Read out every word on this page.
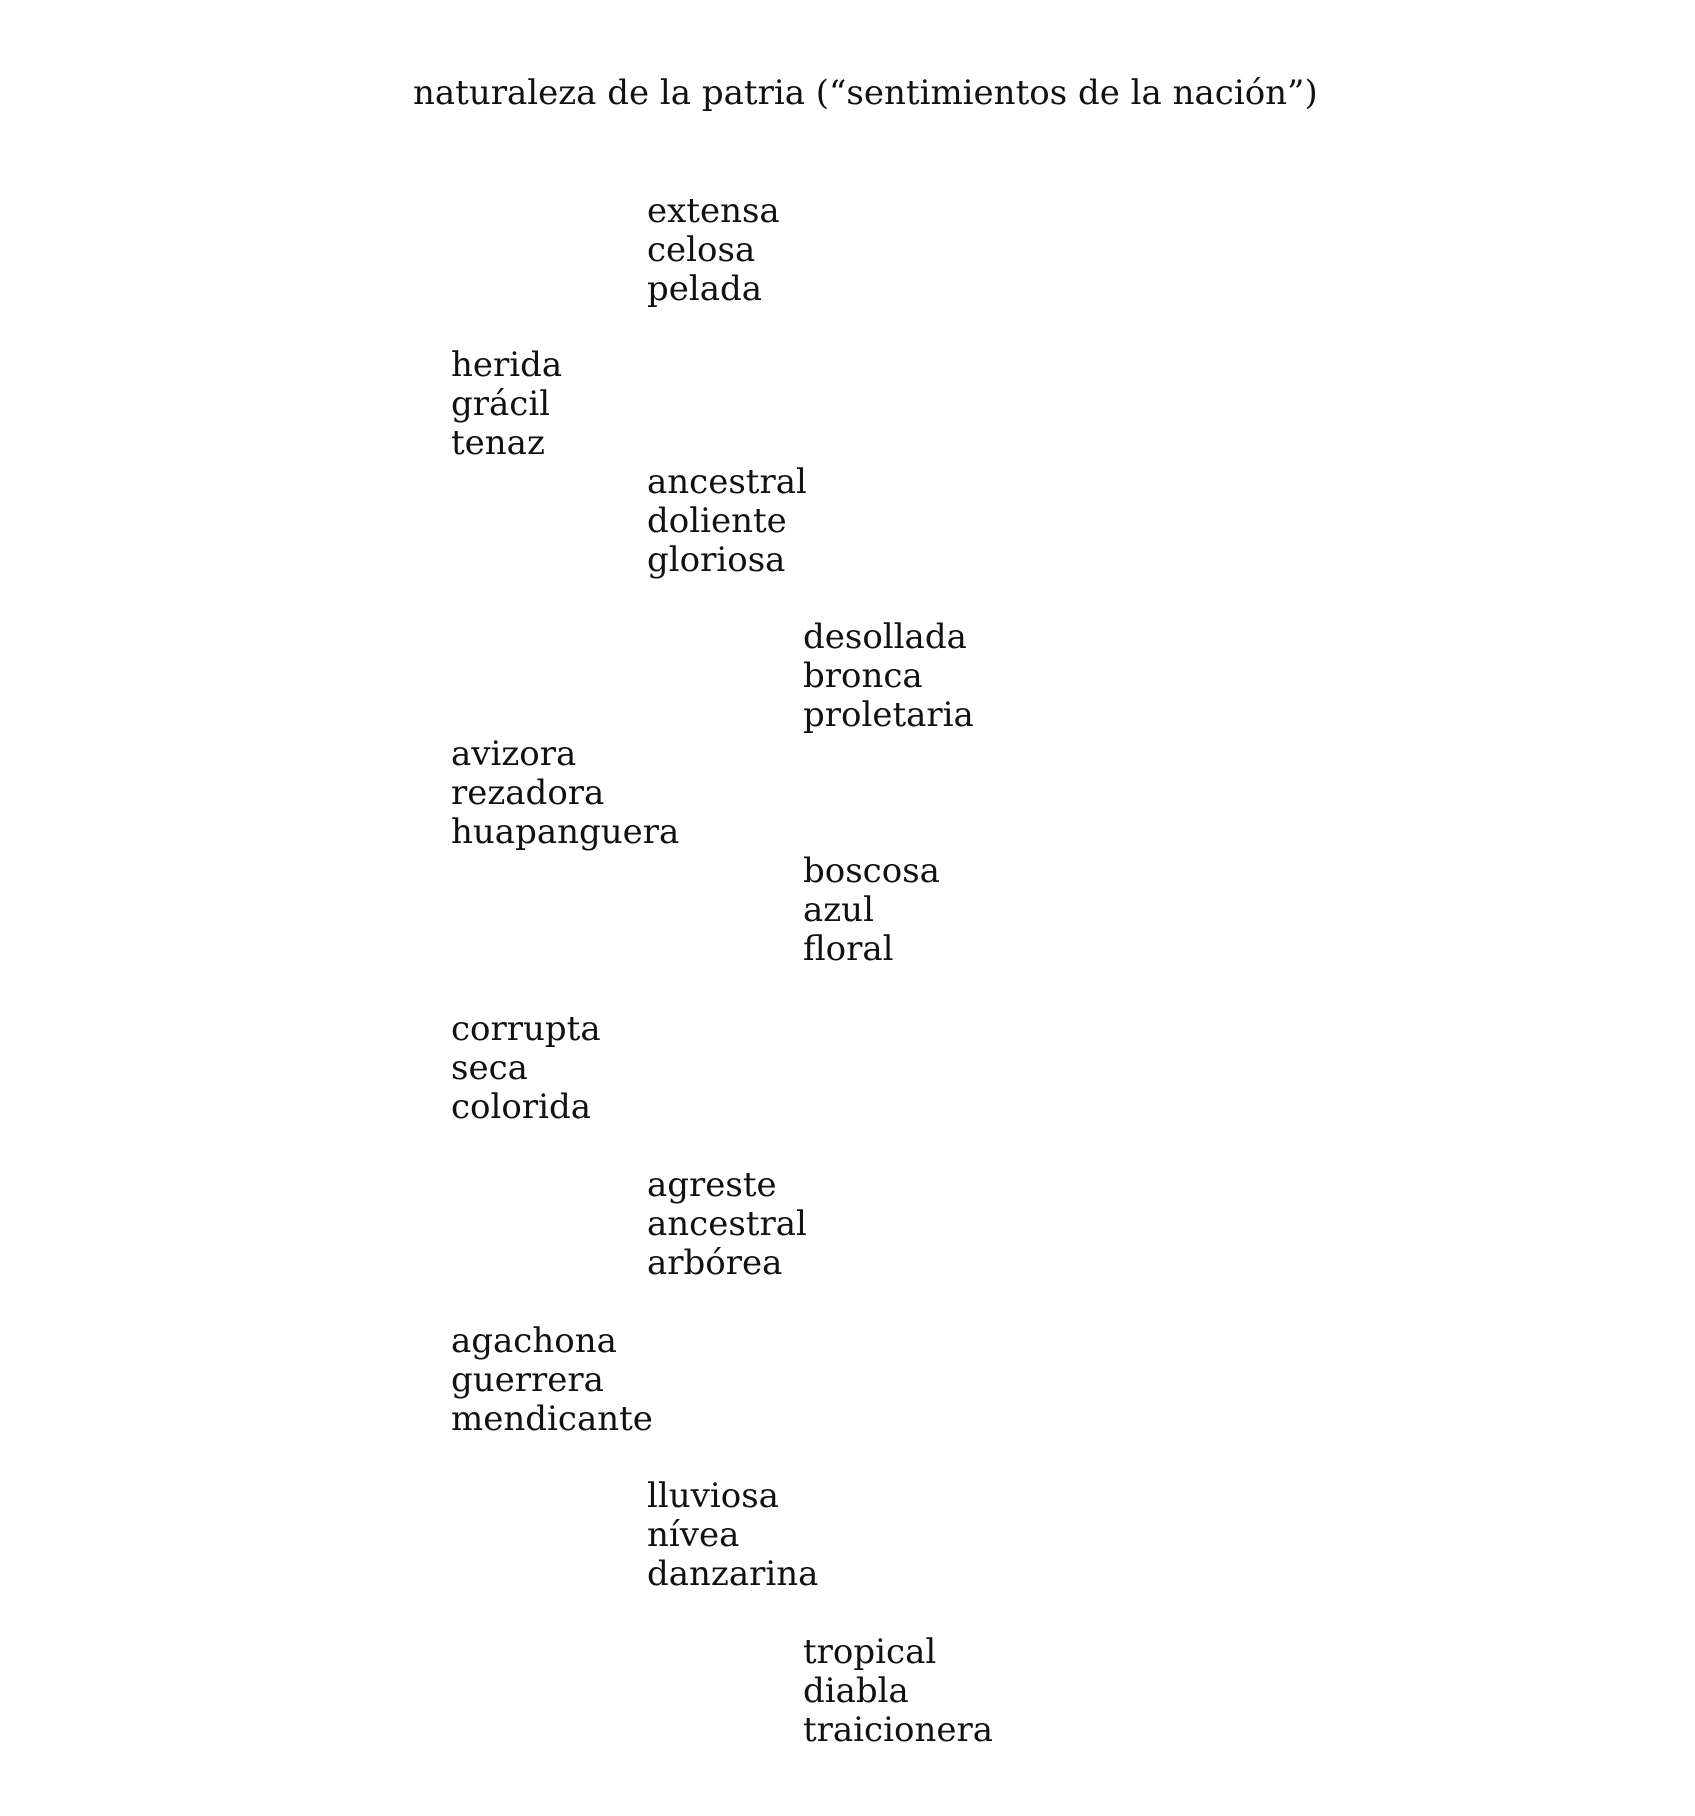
naturaleza de la patria (“sentimientos de la nación”)
extensa
celosa
pelada
herida
grácil
tenaz
ancestral
doliente
gloriosa
desollada
bronca
proletaria
avizora
rezadora
huapanguera
boscosa
azul
floral
corrupta
seca
colorida
agreste
ancestral
arbórea
agachona
guerrera
mendicante
lluviosa
nívea
danzarina
tropical
diabla
traicionera
